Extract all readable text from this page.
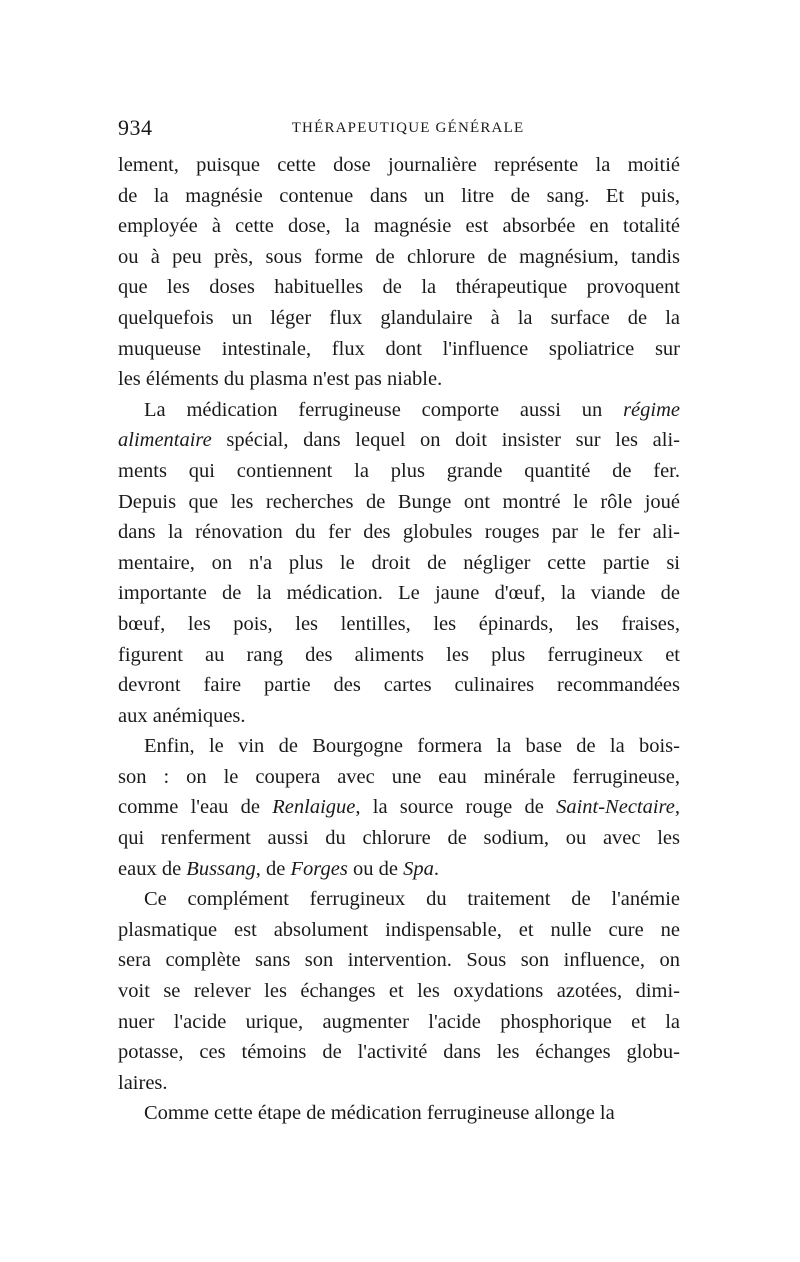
934	THÉRAPEUTIQUE GÉNÉRALE
lement, puisque cette dose journalière représente la moitié
de la magnésie contenue dans un litre de sang. Et puis,
employée à cette dose, la magnésie est absorbée en totalité
ou à peu près, sous forme de chlorure de magnésium, tandis
que les doses habituelles de la thérapeutique provoquent
quelquefois un léger flux glandulaire à la surface de la
muqueuse intestinale, flux dont l'influence spoliatrice sur
les éléments du plasma n'est pas niable.
La médication ferrugineuse comporte aussi un régime
alimentaire spécial, dans lequel on doit insister sur les ali-
ments qui contiennent la plus grande quantité de fer.
Depuis que les recherches de Bunge ont montré le rôle joué
dans la rénovation du fer des globules rouges par le fer ali-
mentaire, on n'a plus le droit de négliger cette partie si
importante de la médication. Le jaune d'œuf, la viande de
bœuf, les pois, les lentilles, les épinards, les fraises,
figurent au rang des aliments les plus ferrugineux et
devront faire partie des cartes culinaires recommandées
aux anémiques.
Enfin, le vin de Bourgogne formera la base de la bois-
son : on le coupera avec une eau minérale ferrugineuse,
comme l'eau de Renlaigue, la source rouge de Saint-Nectaire,
qui renferment aussi du chlorure de sodium, ou avec les
eaux de Bussang, de Forges ou de Spa.
Ce complément ferrugineux du traitement de l'anémie
plasmatique est absolument indispensable, et nulle cure ne
sera complète sans son intervention. Sous son influence, on
voit se relever les échanges et les oxydations azotées, dimi-
nuer l'acide urique, augmenter l'acide phosphorique et la
potasse, ces témoins de l'activité dans les échanges globu-
laires.
Comme cette étape de médication ferrugineuse allonge la
